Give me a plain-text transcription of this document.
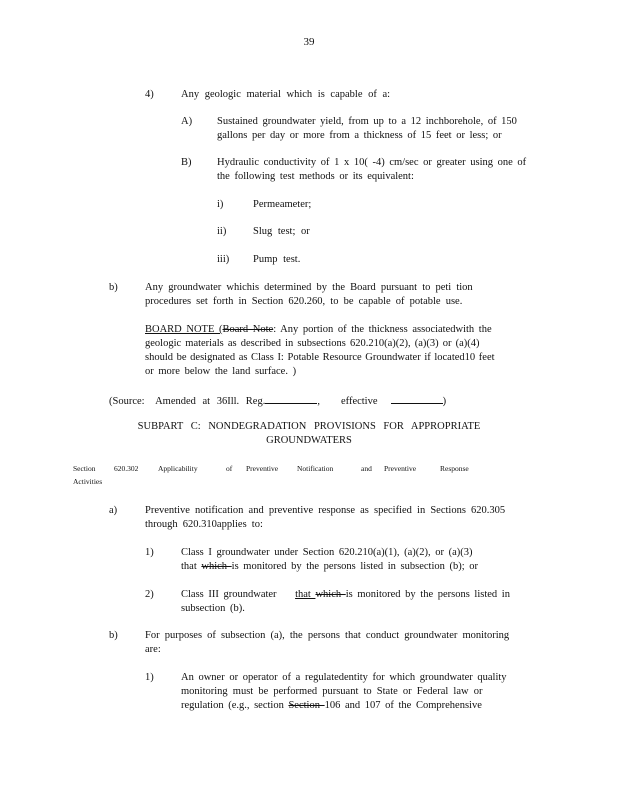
39
4)	Any geologic material which is capable of a:
A) Sustained groundwater yield, from up to a 12 inchborehole, of 150
gallons per day or more from a thickness of 15 feet or less; or
B) Hydraulic conductivity of 1 x 10( -4) cm/sec or greater using one of
the following test methods or its equivalent:
i)	Permeameter;
ii)	Slug test; or
iii) Pump test.
b)	Any groundwater whichis determined by the Board pursuant to peti tion
procedures set forth in Section 620.260, to be capable of potable use.
BOARD NOTE (Board Note: Any portion of the thickness associatedwith the
geologic materials as described in subsections 620.210(a)(2), (a)(3) or (a)(4)
should be designated as Class I: Potable Resource Groundwater if located10 feet
or more below the land surface. )
(Source: Amended at 36Ill. Reg.	, effective	)
SUBPART C: NONDEGRADATION PROVISIONS FOR APPROPRIATE
GROUNDWATERS
Section 620.302	Applicability	of Preventive	Notification	and Preventive	Response
Activities
a)	Preventive notification and preventive response as specified in Sections 620.305
through 620.310applies to:
1)	Class I groundwater under Section 620.210(a)(1), (a)(2), or (a)(3)
that which is monitored by the persons listed in subsection (b); or
2)	Class III groundwater    that which is monitored by the persons listed in
subsection (b).
b)	For purposes of subsection (a), the persons that conduct groundwater monitoring
are:
1)	An owner or operator of a regulatedentity for which groundwater quality
monitoring must be performed pursuant to State or Federal law or
regulation (e.g., section Section 106 and 107 of the Comprehensive
